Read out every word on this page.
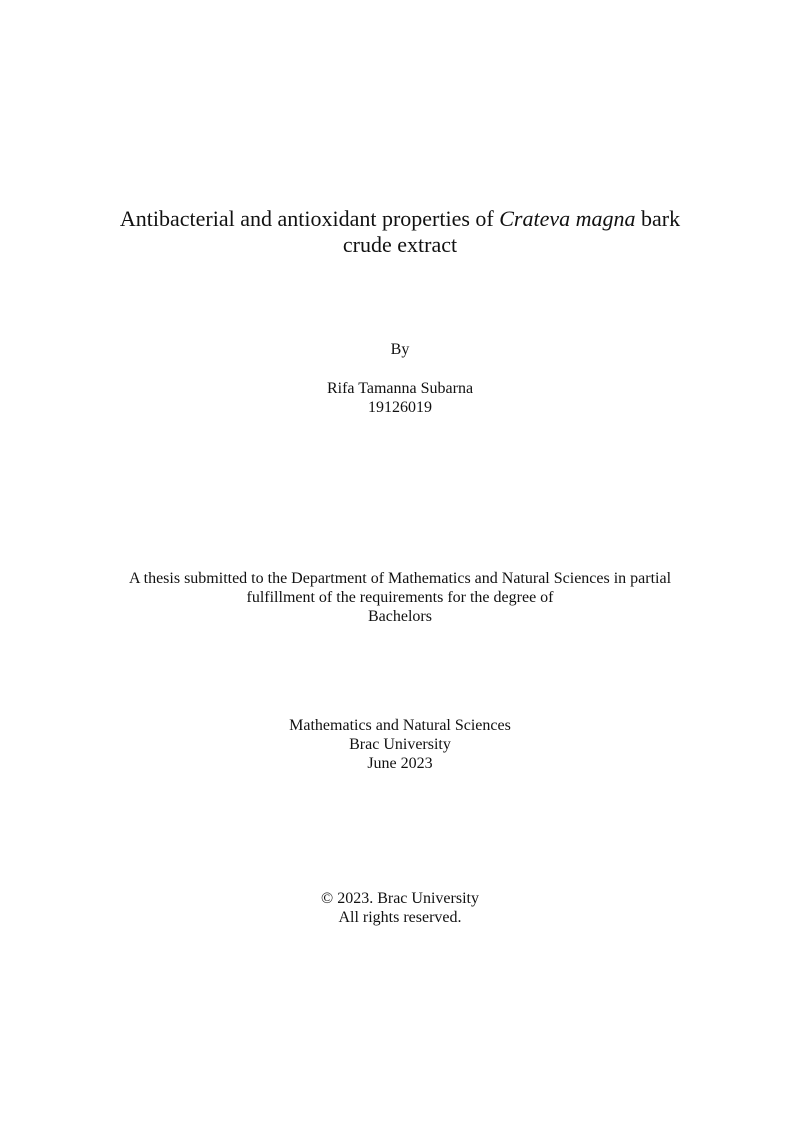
Antibacterial and antioxidant properties of Crateva magna bark
crude extract
By
Rifa Tamanna Subarna
19126019
A thesis submitted to the Department of Mathematics and Natural Sciences in partial
fulfillment of the requirements for the degree of
Bachelors
Mathematics and Natural Sciences
Brac University
June 2023
© 2023. Brac University
All rights reserved.
